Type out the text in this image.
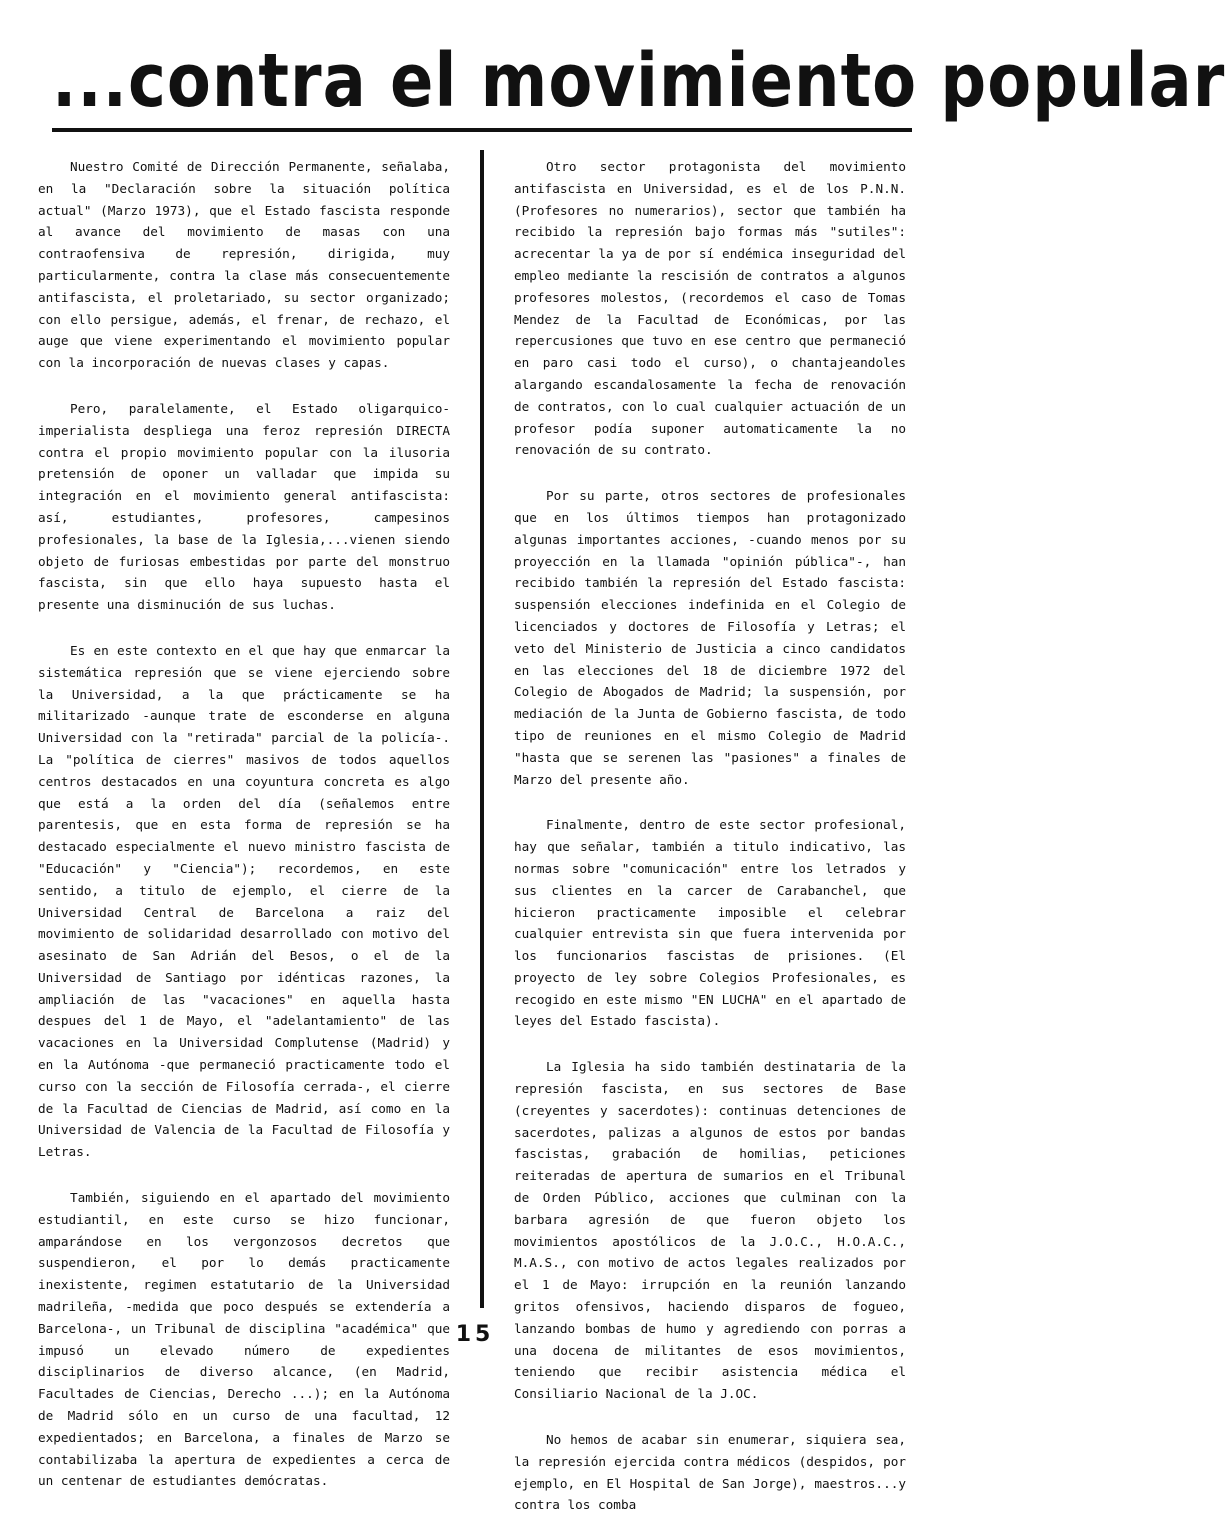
...contra el movimiento popular

Nuestro Comité de Dirección Permanente, señalaba, en la "Declaración sobre la situación política actual" (Marzo 1973), que el Estado fascista responde al avance del movimiento de masas con una contraofensiva de represión, dirigida, muy particularmente, contra la clase más consecuentemente antifascista, el proletariado, su sector organizado; con ello persigue, además, el frenar, de rechazo, el auge que viene experimentando el movimiento popular con la incorporación de nuevas clases y capas.

Pero, paralelamente, el Estado oligarquico-imperialista despliega una feroz represión DIRECTA contra el propio movimiento popular con la ilusoria pretensión de oponer un valladar que impida su integración en el movimiento general antifascista: así, estudiantes, profesores, campesinos profesionales, la base de la Iglesia,...vienen siendo objeto de furiosas embestidas por parte del monstruo fascista, sin que ello haya supuesto hasta el presente una disminución de sus luchas.

Es en este contexto en el que hay que enmarcar la sistemática represión que se viene ejerciendo sobre la Universidad, a la que prácticamente se ha militarizado -aunque trate de esconderse en alguna Universidad con la "retirada" parcial de la policía-. La "política de cierres" masivos de todos aquellos centros destacados en una coyuntura concreta es algo que está a la orden del día (señalemos entre parentesis, que en esta forma de represión se ha destacado especialmente el nuevo ministro fascista de "Educación" y "Ciencia"); recordemos, en este sentido, a titulo de ejemplo, el cierre de la Universidad Central de Barcelona a raiz del movimiento de solidaridad desarrollado con motivo del asesinato de San Adrián del Besos, o el de la Universidad de Santiago por idénticas razones, la ampliación de las "vacaciones" en aquella hasta despues del 1 de Mayo, el "adelantamiento" de las vacaciones en la Universidad Complutense (Madrid) y en la Autónoma -que permaneció practicamente todo el curso con la sección de Filosofía cerrada-, el cierre de la Facultad de Ciencias de Madrid, así como en la Universidad de Valencia de la Facultad de Filosofía y Letras.

También, siguiendo en el apartado del movimiento estudiantil, en este curso se hizo funcionar, amparándose en los vergonzosos decretos que suspendieron, el por lo demás practicamente inexistente, regimen estatutario de la Universidad madrileña, -medida que poco después se extendería a Barcelona-, un Tribunal de disciplina "académica" que impusó un elevado número de expedientes disciplinarios de diverso alcance, (en Madrid, Facultades de Ciencias, Derecho ...); en la Autónoma de Madrid sólo en un curso de una facultad, 12 expedientados; en Barcelona, a finales de Marzo se contabilizaba la apertura de expedientes a cerca de un centenar de estudiantes demócratas.

Otro sector protagonista del movimiento antifascista en Universidad, es el de los P.N.N. (Profesores no numerarios), sector que también ha recibido la represión bajo formas más "sutiles": acrecentar la ya de por sí endémica inseguridad del empleo mediante la rescisión de contratos a algunos profesores molestos, (recordemos el caso de Tomas Mendez de la Facultad de Económicas, por las repercusiones que tuvo en ese centro que permaneció en paro casi todo el curso), o chantajeandoles alargando escandalosamente la fecha de renovación de contratos, con lo cual cualquier actuación de un profesor podía suponer automaticamente la no renovación de su contrato.

Por su parte, otros sectores de profesionales que en los últimos tiempos han protagonizado algunas importantes acciones, -cuando menos por su proyección en la llamada "opinión pública"-, han recibido también la represión del Estado fascista: suspensión elecciones indefinida en el Colegio de licenciados y doctores de Filosofía y Letras; el veto del Ministerio de Justicia a cinco candidatos en las elecciones del 18 de diciembre 1972 del Colegio de Abogados de Madrid; la suspensión, por mediación de la Junta de Gobierno fascista, de todo tipo de reuniones en el mismo Colegio de Madrid "hasta que se serenen las "pasiones" a finales de Marzo del presente año.

Finalmente, dentro de este sector profesional, hay que señalar, también a titulo indicativo, las normas sobre "comunicación" entre los letrados y sus clientes en la carcer de Carabanchel, que hicieron practicamente imposible el celebrar cualquier entrevista sin que fuera intervenida por los funcionarios fascistas de prisiones. (El proyecto de ley sobre Colegios Profesionales, es recogido en este mismo "EN LUCHA" en el apartado de leyes del Estado fascista).

La Iglesia ha sido también destinataria de la represión fascista, en sus sectores de Base (creyentes y sacerdotes): continuas detenciones de sacerdotes, palizas a algunos de estos por bandas fascistas, grabación de homilias, peticiones reiteradas de apertura de sumarios en el Tribunal de Orden Público, acciones que culminan con la barbara agresión de que fueron objeto los movimientos apostólicos de la J.O.C., H.O.A.C., M.A.S., con motivo de actos legales realizados por el 1 de Mayo: irrupción en la reunión lanzando gritos ofensivos, haciendo disparos de fogueo, lanzando bombas de humo y agrediendo con porras a una docena de militantes de esos movimientos, teniendo que recibir asistencia médica el Consiliario Nacional de la J.OC.

No hemos de acabar sin enumerar, siquiera sea, la represión ejercida contra médicos (despidos, por ejemplo, en El Hospital de San Jorge), maestros...y contra los comba

15
